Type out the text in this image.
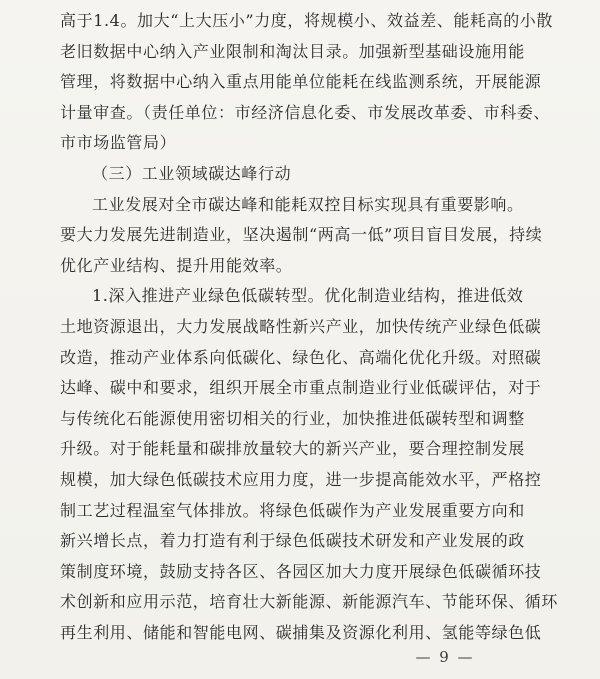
高于1.4。加大“上大压小”力度，将规模小、效益差、能耗高的小散
老旧数据中心纳入产业限制和淘汰目录。加强新型基础设施用能
管理，将数据中心纳入重点用能单位能耗在线监测系统，开展能源
计量审查。（责任单位：市经济信息化委、市发展改革委、市科委、
市市场监管局）
（三）工业领域碳达峰行动
工业发展对全市碳达峰和能耗双控目标实现具有重要影响。
要大力发展先进制造业，坚决遏制“两高一低”项目盲目发展，持续
优化产业结构、提升用能效率。
1.深入推进产业绿色低碳转型。优化制造业结构，推进低效
土地资源退出，大力发展战略性新兴产业，加快传统产业绿色低碳
改造，推动产业体系向低碳化、绿色化、高端化优化升级。对照碳
达峰、碳中和要求，组织开展全市重点制造业行业低碳评估，对于
与传统化石能源使用密切相关的行业，加快推进低碳转型和调整
升级。对于能耗量和碳排放量较大的新兴产业，要合理控制发展
规模，加大绿色低碳技术应用力度，进一步提高能效水平，严格控
制工艺过程温室气体排放。将绿色低碳作为产业发展重要方向和
新兴增长点，着力打造有利于绿色低碳技术研发和产业发展的政
策制度环境，鼓励支持各区、各园区加大力度开展绿色低碳循环技
术创新和应用示范，培育壮大新能源、新能源汽车、节能环保、循环
再生利用、储能和智能电网、碳捕集及资源化利用、氢能等绿色低
— 9 —
